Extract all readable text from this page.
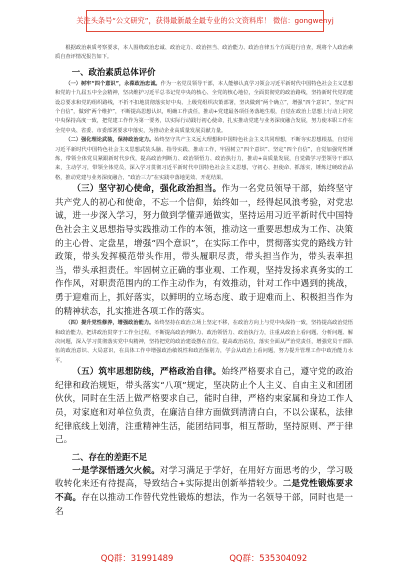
关注头条号“公文研究”，获得最新最全最专业的公文资料库！ 微信：gongwenyj

根据政治素质考察要求，本人围绕政治忠诚、政治定力、政治担当、政治能力、政治自律五个方面进行自查，现将个人政治素质自查评情况报告如下。

一、政治素质总体评价

（一）树牢“四个意识”，永葆政治忠诚。作为一名党员领导干部，本人能够认真学习领会习近平新时代中国特色社会主义思想和党的十九届五中全会精神，坚决维护习近平总书记党中央的核心、全党的核心地位，全面贯彻党的政治路线，坚持新时代党的建设总要求和党的组织路线，不折不扣地贯彻落实好中央、上级党组织决策部署，坚决做到“两个确立”，增强“四个意识”，坚定“四个自信”，做到“两个维护”，不断提高思想认识，明确工作责任，推动+党建最各项任务落地生根，自觉在政治上思想上行动上同党中央保持高度一致，把党建工作作为第一要务，以实际行动践行初心使命，扎实推动党建与业务深度融合发展，努力使本职工作在全党中央、省委、市委部署要求中落实，为推动企业高质量发展贡献力量。

（二）强化理论武装，保持政治定力。始终坚守共产主义远大理想和中国特色社会主义共同理想，不断夯实思想根基，自觉用习近平新时代中国特色社会主义思想武装头脑、指导实践、推动工作，牢固树立“四个意识”、坚定“四个自信”，自觉加强党性锤炼，带领全体党员紧跟新时代步伐，提高政治判断力、政治领悟力、政治执行力，推动+高质量发展，自觉做学习型领导干部以来，主动学习，带领全体党员，深入学习贯彻习近平新时代中国特色社会主义思想，守初心、担使命、抓落实，锤炼过硬政治品格，推动党建与业务深度融合，“政治三力”在实践中落地见效、开花结果。

（三）坚守初心使命，强化政治担当。作为一名党员领导干部，始终坚守共产党人的初心和使命，不忘一个信仰，始终如一，经得起风浪考验，对党忠诚，进一步深入学习，努力做到学懂弄通做实，坚持运用习近平新时代中国特色社会主义思想指导实践推动工作的本领，推动这一重要思想成为工作、决策的主心骨、定盘星，增强“四个意识”，在实际工作中，贯彻落实党的路线方针政策，带头发挥模范带头作用，带头履职尽责，带头担当作为，带头表率担当，带头承担责任。牢固树立正确的事业观、工作观，坚持发扬求真务实的工作作风，对职责范围内的工作主动作为，有效推动，针对工作中遇到的挑战，勇于迎难而上，抓好落实，以鲜明的立场态度、敢于迎难而上、积极担当作为的精神状态，扎实推进各项工作的落实。

（四）提升党性修养，增强政治能力。始终坚持在政治立场上坚定不移，在政治方向上与党中央保持一致，坚持提高政治觉悟和政治能力，把讲政治贯穿于工作全过程，不断提高政治判断力、政治领悟力、政治执行力，注重从政治上看问题、分析问题、解决问题，深入学习贯彻落实党中央精神，坚持把党的政治建设摆在首位，提高政治站位，落实全面从严治党责任，增强党员干部队伍的政治意识、大局意识，在具体工作中增强政治敏锐性和政治鉴别力，学会从政治上看问题，努力提升管理工作中政治能力水平。

（五）筑牢思想防线，严格政治自律。始终严格要求自己，遵守党的政治纪律和政治规矩，带头落实“八项”规定，坚决防止个人主义、自由主义和团团伙伙，同时在生活上做严格要求自己，能时自律，严格约束家属和身边工作人员，对家庭和对单位负责，在廉洁自律方面做到清清白白，不以公谋私，法律纪律底线上划清，注重精神生活，能团结同事，相互帮助，坚持原则、严于律己。

二、存在的差距不足

一是学深悟透欠火候。对学习满足于学好，在用好方面思考的少，学习吸收转化来还有待提高，导致结合+实际提出创新举措较少。二是党性锻炼要求不高。存在以推动工作替代党性锻炼的想法，作为一名领导干部，同时也是一名

QQ群：31991489	QQ群：535304092
